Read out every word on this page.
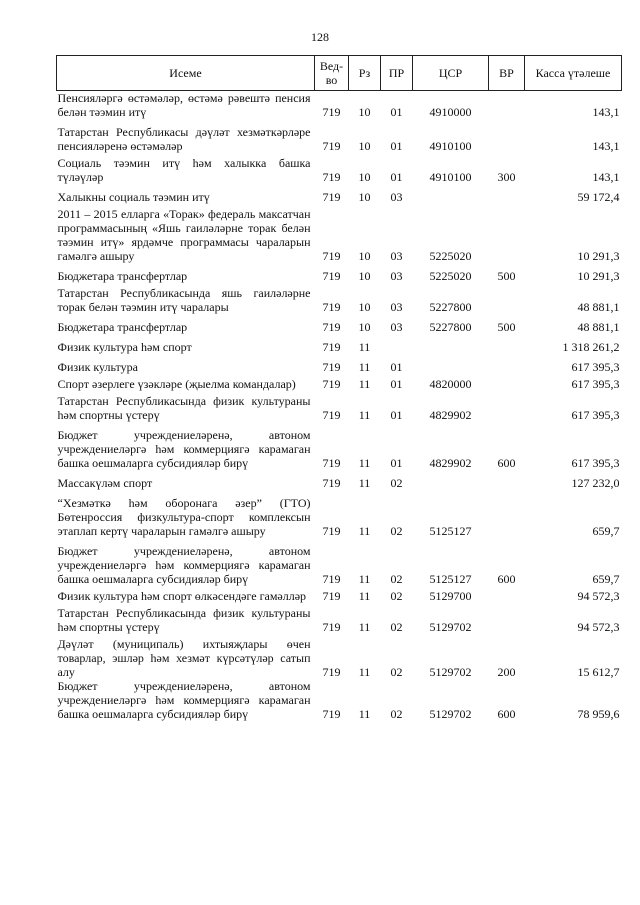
128
Исеме	Вед-во	Рз	ПР	ЦСР	ВР	Касса үтәлеше
Пенсияләргә өстәмәләр, өстәмә рәвештә пенсия белән тәэмин итү	719	10	01	4910000		143,1
Татарстан Республикасы дәүләт хезмәткәрләре пенсияләренә өстәмәләр	719	10	01	4910100		143,1
Социаль тәэмин итү һәм халыкка башка түләүләр	719	10	01	4910100	300	143,1
Халыкны социаль тәэмин итү	719	10	03			59 172,4
2011 – 2015 елларга «Торак» федераль максатчан программасының «Яшь гаиләләрне торак белән тәэмин итү» ярдәмче программасы чараларын гамәлгә ашыру	719	10	03	5225020		10 291,3
Бюджетара трансфертлар	719	10	03	5225020	500	10 291,3
Татарстан Республикасында яшь гаиләләрне торак белән тәэмин итү чаралары	719	10	03	5227800		48 881,1
Бюджетара трансфертлар	719	10	03	5227800	500	48 881,1
Физик культура һәм спорт	719	11				1 318 261,2
Физик культура	719	11	01			617 395,3
Спорт әзерлеге үзәкләре (җыелма командалар)	719	11	01	4820000		617 395,3
Татарстан Республикасында физик культураны һәм спортны үстерү	719	11	01	4829902		617 395,3
Бюджет учреждениеләренә, автоном учреждениеләргә һәм коммерциягә карамаган башка оешмаларга субсидияләр бирү	719	11	01	4829902	600	617 395,3
Массакүләм спорт	719	11	02			127 232,0
“Хезмәткә һәм оборонага әзер” (ГТО) Бөтенроссия физкультура-спорт комплексын этаплап кертү чараларын гамәлгә ашыру	719	11	02	5125127		659,7
Бюджет учреждениеләренә, автоном учреждениеләргә һәм коммерциягә карамаган башка оешмаларга субсидияләр бирү	719	11	02	5125127	600	659,7
Физик культура һәм спорт өлкәсендәге гамәлләр	719	11	02	5129700		94 572,3
Татарстан Республикасында физик культураны һәм спортны үстерү	719	11	02	5129702		94 572,3
Дәүләт (муниципаль) ихтыяҗлары өчен товарлар, эшләр һәм хезмәт күрсәтүләр сатып алу	719	11	02	5129702	200	15 612,7
Бюджет учреждениеләренә, автоном учреждениеләргә һәм коммерциягә карамаган башка оешмаларга субсидияләр бирү	719	11	02	5129702	600	78 959,6
